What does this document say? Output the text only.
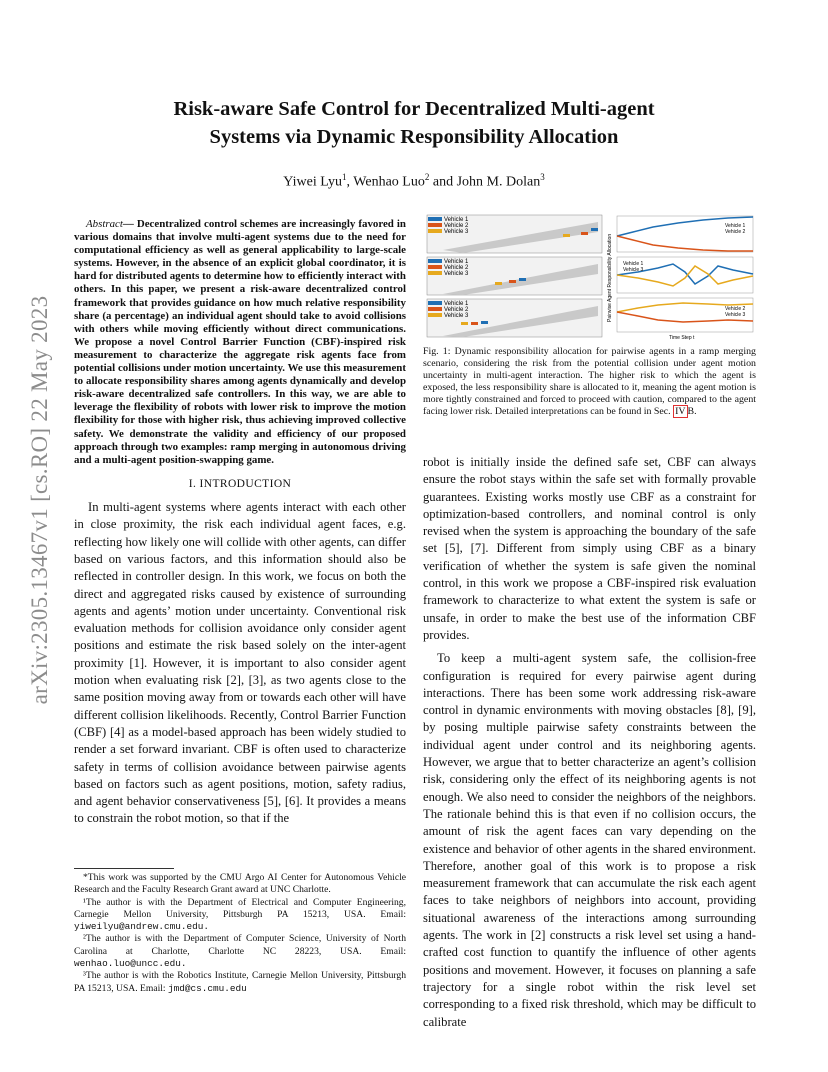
arXiv:2305.13467v1 [cs.RO] 22 May 2023
Risk-aware Safe Control for Decentralized Multi-agent
Systems via Dynamic Responsibility Allocation
Yiwei Lyu$^1$, Wenhao Luo$^2$ and John M. Dolan$^3$

Abstract— Decentralized control schemes are increasingly favored in various domains that involve multi-agent systems due to the need for computational efficiency as well as general applicability to large-scale systems. However, in the absence of an explicit global coordinator, it is hard for distributed agents to determine how to efficiently interact with others. In this paper, we present a risk-aware decentralized control framework that provides guidance on how much relative responsibility share (a percentage) an individual agent should take to avoid collisions with others while moving efficiently without direct communications. We propose a novel Control Barrier Function (CBF)-inspired risk measurement to characterize the aggregate risk agents face from potential collisions under motion uncertainty. We use this measurement to allocate responsibility shares among agents dynamically and develop risk-aware decentralized safe controllers. In this way, we are able to leverage the flexibility of robots with lower risk to improve the motion flexibility for those with higher risk, thus achieving improved collective safety. We demonstrate the validity and efficiency of our proposed approach through two examples: ramp merging in autonomous driving and a multi-agent position-swapping game.

I. INTRODUCTION

In multi-agent systems where agents interact with each other in close proximity, the risk each individual agent faces, e.g. reflecting how likely one will collide with other agents, can differ based on various factors, and this information should also be reflected in controller design. In this work, we focus on both the direct and aggregated risks caused by existence of surrounding agents and agents’ motion under uncertainty. Conventional risk evaluation methods for collision avoidance only consider agent positions and estimate the risk based solely on the inter-agent proximity [1]. However, it is important to also consider agent motion when evaluating risk [2], [3], as two agents close to the same position moving away from or towards each other will have different collision likelihoods. Recently, Control Barrier Function (CBF) [4] as a model-based approach has been widely studied to render a set forward invariant. CBF is often used to characterize safety in terms of collision avoidance between pairwise agents based on factors such as agent positions, motion, safety radius, and agent behavior conservativeness [5], [6]. It provides a means to constrain the robot motion, so that if the

*This work was supported by the CMU Argo AI Center for Autonomous Vehicle Research and the Faculty Research Grant award at UNC Charlotte.

¹The author is with the Department of Electrical and Computer Engineering, Carnegie Mellon University, Pittsburgh PA 15213, USA. Email: yiweilyu@andrew.cmu.edu.

²The author is with the Department of Computer Science, University of North Carolina at Charlotte, Charlotte NC 28223, USA. Email: wenhao.luo@uncc.edu.

³The author is with the Robotics Institute, Carnegie Mellon University, Pittsburgh PA 15213, USA. Email: jmd@cs.cmu.edu

Vehicle 1
Vehicle 2
Vehicle 3
Vehicle 1
Vehicle 2
Vehicle 3
Vehicle 1
Vehicle 2
Vehicle 3	Pairwise Agent Responsibility Allocation
Vehicle 1
Vehicle 2
Vehicle 1
Vehicle 3
Vehicle 2
Vehicle 3
Time Step t
Fig. 1: Dynamic responsibility allocation for pairwise agents in a ramp merging scenario, considering the risk from the potential collision under agent motion uncertainty in multi-agent interaction. The higher risk to which the agent is exposed, the less responsibility share is allocated to it, meaning the agent motion is more tightly constrained and forced to proceed with caution, compared to the agent facing lower risk. Detailed interpretations can be found in Sec. IV B.

robot is initially inside the defined safe set, CBF can always ensure the robot stays within the safe set with formally provable guarantees. Existing works mostly use CBF as a constraint for optimization-based controllers, and nominal control is only revised when the system is approaching the boundary of the safe set [5], [7]. Different from simply using CBF as a binary verification of whether the system is safe given the nominal control, in this work we propose a CBF-inspired risk evaluation framework to characterize to what extent the system is safe or unsafe, in order to make the best use of the information CBF provides.

To keep a multi-agent system safe, the collision-free configuration is required for every pairwise agent during interactions. There has been some work addressing risk-aware control in dynamic environments with moving obstacles [8], [9], by posing multiple pairwise safety constraints between the individual agent under control and its neighboring agents. However, we argue that to better characterize an agent’s collision risk, considering only the effect of its neighboring agents is not enough. We also need to consider the neighbors of the neighbors. The rationale behind this is that even if no collision occurs, the amount of risk the agent faces can vary depending on the existence and behavior of other agents in the shared environment. Therefore, another goal of this work is to propose a risk measurement framework that can accumulate the risk each agent faces to take neighbors of neighbors into account, providing situational awareness of the interactions among surrounding agents. The work in [2] constructs a risk level set using a hand-crafted cost function to quantify the influence of other agents positions and movement. However, it focuses on planning a safe trajectory for a single robot within the risk level set corresponding to a fixed risk threshold, which may be difficult to calibrate
